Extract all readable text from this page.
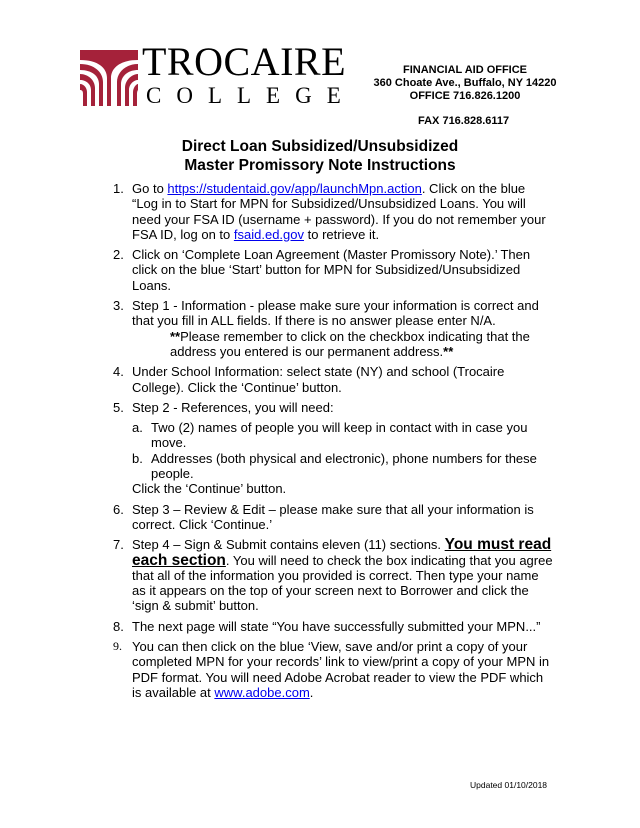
TROCAIRE
COLLEGE
FINANCIAL AID OFFICE
360 Choate Ave., Buffalo, NY 14220
OFFICE 716.826.1200
FAX 716.828.6117
Direct Loan Subsidized/Unsubsidized
Master Promissory Note Instructions
1. Go to https://studentaid.gov/app/launchMpn.action. Click on the blue “Log in to Start for MPN for Subsidized/Unsubsidized Loans. You will need your FSA ID (username + password). If you do not remember your FSA ID, log on to fsaid.ed.gov to retrieve it.
2. Click on ‘Complete Loan Agreement (Master Promissory Note).’ Then click on the blue ‘Start’ button for MPN for Subsidized/Unsubsidized Loans.
3. Step 1 - Information - please make sure your information is correct and that you fill in ALL fields. If there is no answer please enter N/A.
**Please remember to click on the checkbox indicating that the address you entered is our permanent address.**
4. Under School Information: select state (NY) and school (Trocaire College). Click the ‘Continue’ button.
5. Step 2 - References, you will need:
a. Two (2) names of people you will keep in contact with in case you move.
b. Addresses (both physical and electronic), phone numbers for these people.
Click the ‘Continue’ button.
6. Step 3 – Review & Edit – please make sure that all your information is correct. Click ‘Continue.’
7. Step 4 – Sign & Submit contains eleven (11) sections. You must read each section. You will need to check the box indicating that you agree that all of the information you provided is correct. Then type your name as it appears on the top of your screen next to Borrower and click the ‘sign & submit’ button.
8. The next page will state “You have successfully submitted your MPN...”
9. You can then click on the blue ‘View, save and/or print a copy of your completed MPN for your records’ link to view/print a copy of your MPN in PDF format. You will need Adobe Acrobat reader to view the PDF which is available at www.adobe.com.
Updated 01/10/2018
